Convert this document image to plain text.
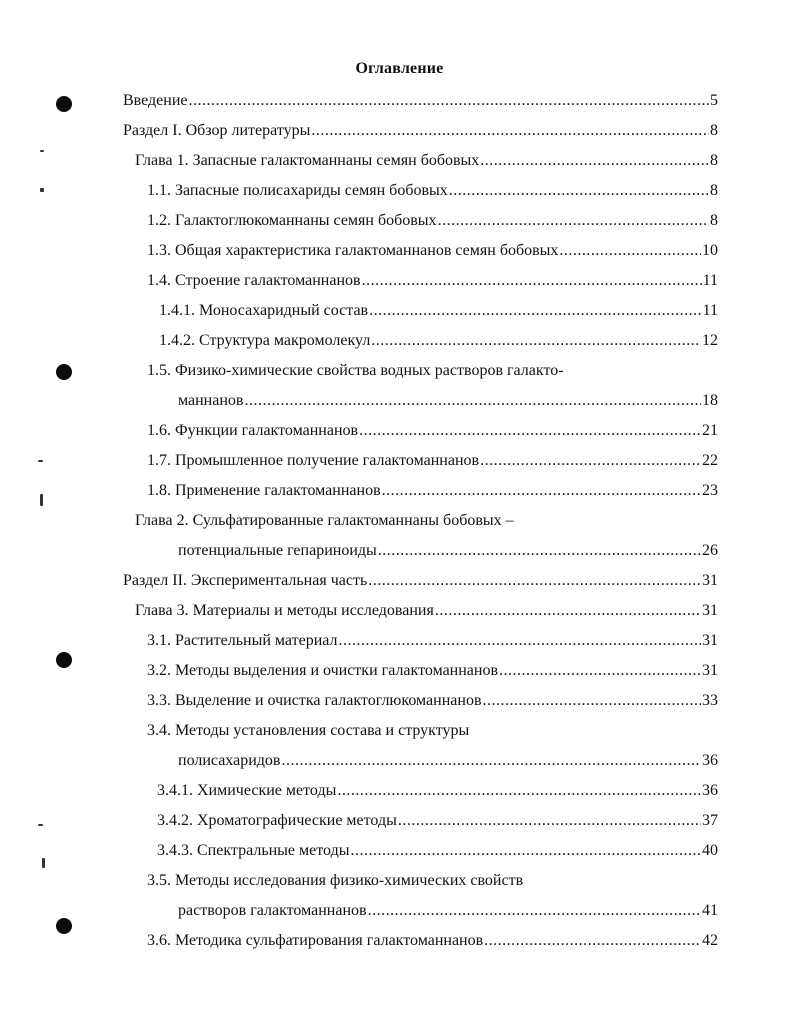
Оглавление
Введение .....	5
Раздел I. Обзор литературы .....	8
Глава 1. Запасные галактоманнаны семян бобовых .....	8
1.1. Запасные полисахариды семян бобовых .....	8
1.2. Галактоглюкоманнаны семян бобовых .....	8
1.3. Общая характеристика галактоманнанов семян бобовых .....	10
1.4. Строение галактоманнанов .....	11
1.4.1. Моносахаридный состав .....	11
1.4.2. Структура макромолекул .....	12
1.5. Физико-химические свойства водных растворов галакто-
маннанов .....	18
1.6. Функции галактоманнанов .....	21
1.7. Промышленное получение галактоманнанов .....	22
1.8. Применение галактоманнанов .....	23
Глава 2. Сульфатированные галактоманнаны бобовых –
потенциальные гепариноиды .....	26
Раздел II. Экспериментальная часть .....	31
Глава 3. Материалы и методы исследования .....	31
3.1. Растительный материал .....	31
3.2. Методы выделения и очистки галактоманнанов .....	31
3.3. Выделение и очистка галактоглюкоманнанов .....	33
3.4. Методы установления состава и структуры
полисахаридов .....	36
3.4.1. Химические методы .....	36
3.4.2. Хроматографические методы .....	37
3.4.3. Спектральные методы .....	40
3.5. Методы исследования физико-химических свойств
растворов галактоманнанов .....	41
3.6. Методика сульфатирования галактоманнанов .....	42
